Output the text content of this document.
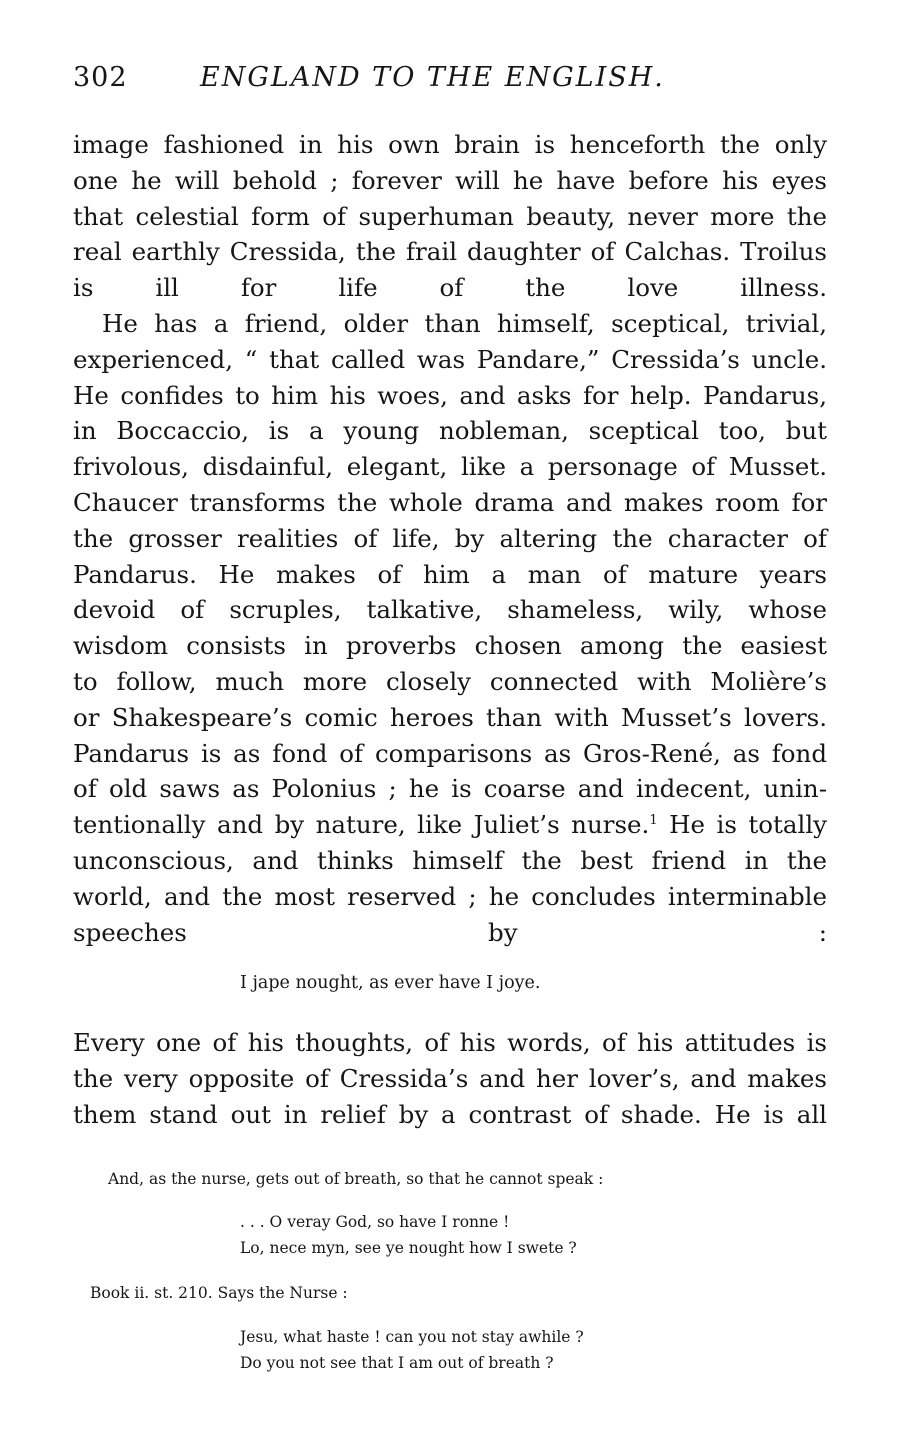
302	ENGLAND TO THE ENGLISH.
image fashioned in his own brain is henceforth the only
one he will behold ; forever will he have before his eyes
that celestial form of superhuman beauty, never more the
real earthly Cressida, the frail daughter of Calchas. Troilus
is ill for life of the love illness.
He has a friend, older than himself, sceptical, trivial,
experienced, “ that called was Pandare,” Cressida’s uncle.
He confides to him his woes, and asks for help. Pandarus,
in Boccaccio, is a young nobleman, sceptical too, but
frivolous, disdainful, elegant, like a personage of Musset.
Chaucer transforms the whole drama and makes room for
the grosser realities of life, by altering the character of
Pandarus. He makes of him a man of mature years
devoid of scruples, talkative, shameless, wily, whose
wisdom consists in proverbs chosen among the easiest
to follow, much more closely connected with Molière’s
or Shakespeare’s comic heroes than with Musset’s lovers.
Pandarus is as fond of comparisons as Gros-René, as fond
of old saws as Polonius ; he is coarse and indecent, unin-
tentionally and by nature, like Juliet’s nurse.$^1$ He is totally
unconscious, and thinks himself the best friend in the
world, and the most reserved ; he concludes interminable
speeches by :
I jape nought, as ever have I joye.
Every one of his thoughts, of his words, of his attitudes is
the very opposite of Cressida’s and her lover’s, and makes
them stand out in relief by a contrast of shade. He is all
And, as the nurse, gets out of breath, so that he cannot speak :
. . . O veray God, so have I ronne !
Lo, nece myn, see ye nought how I swete ?
Book ii. st. 210. Says the Nurse :
Jesu, what haste ! can you not stay awhile ?
Do you not see that I am out of breath ?
